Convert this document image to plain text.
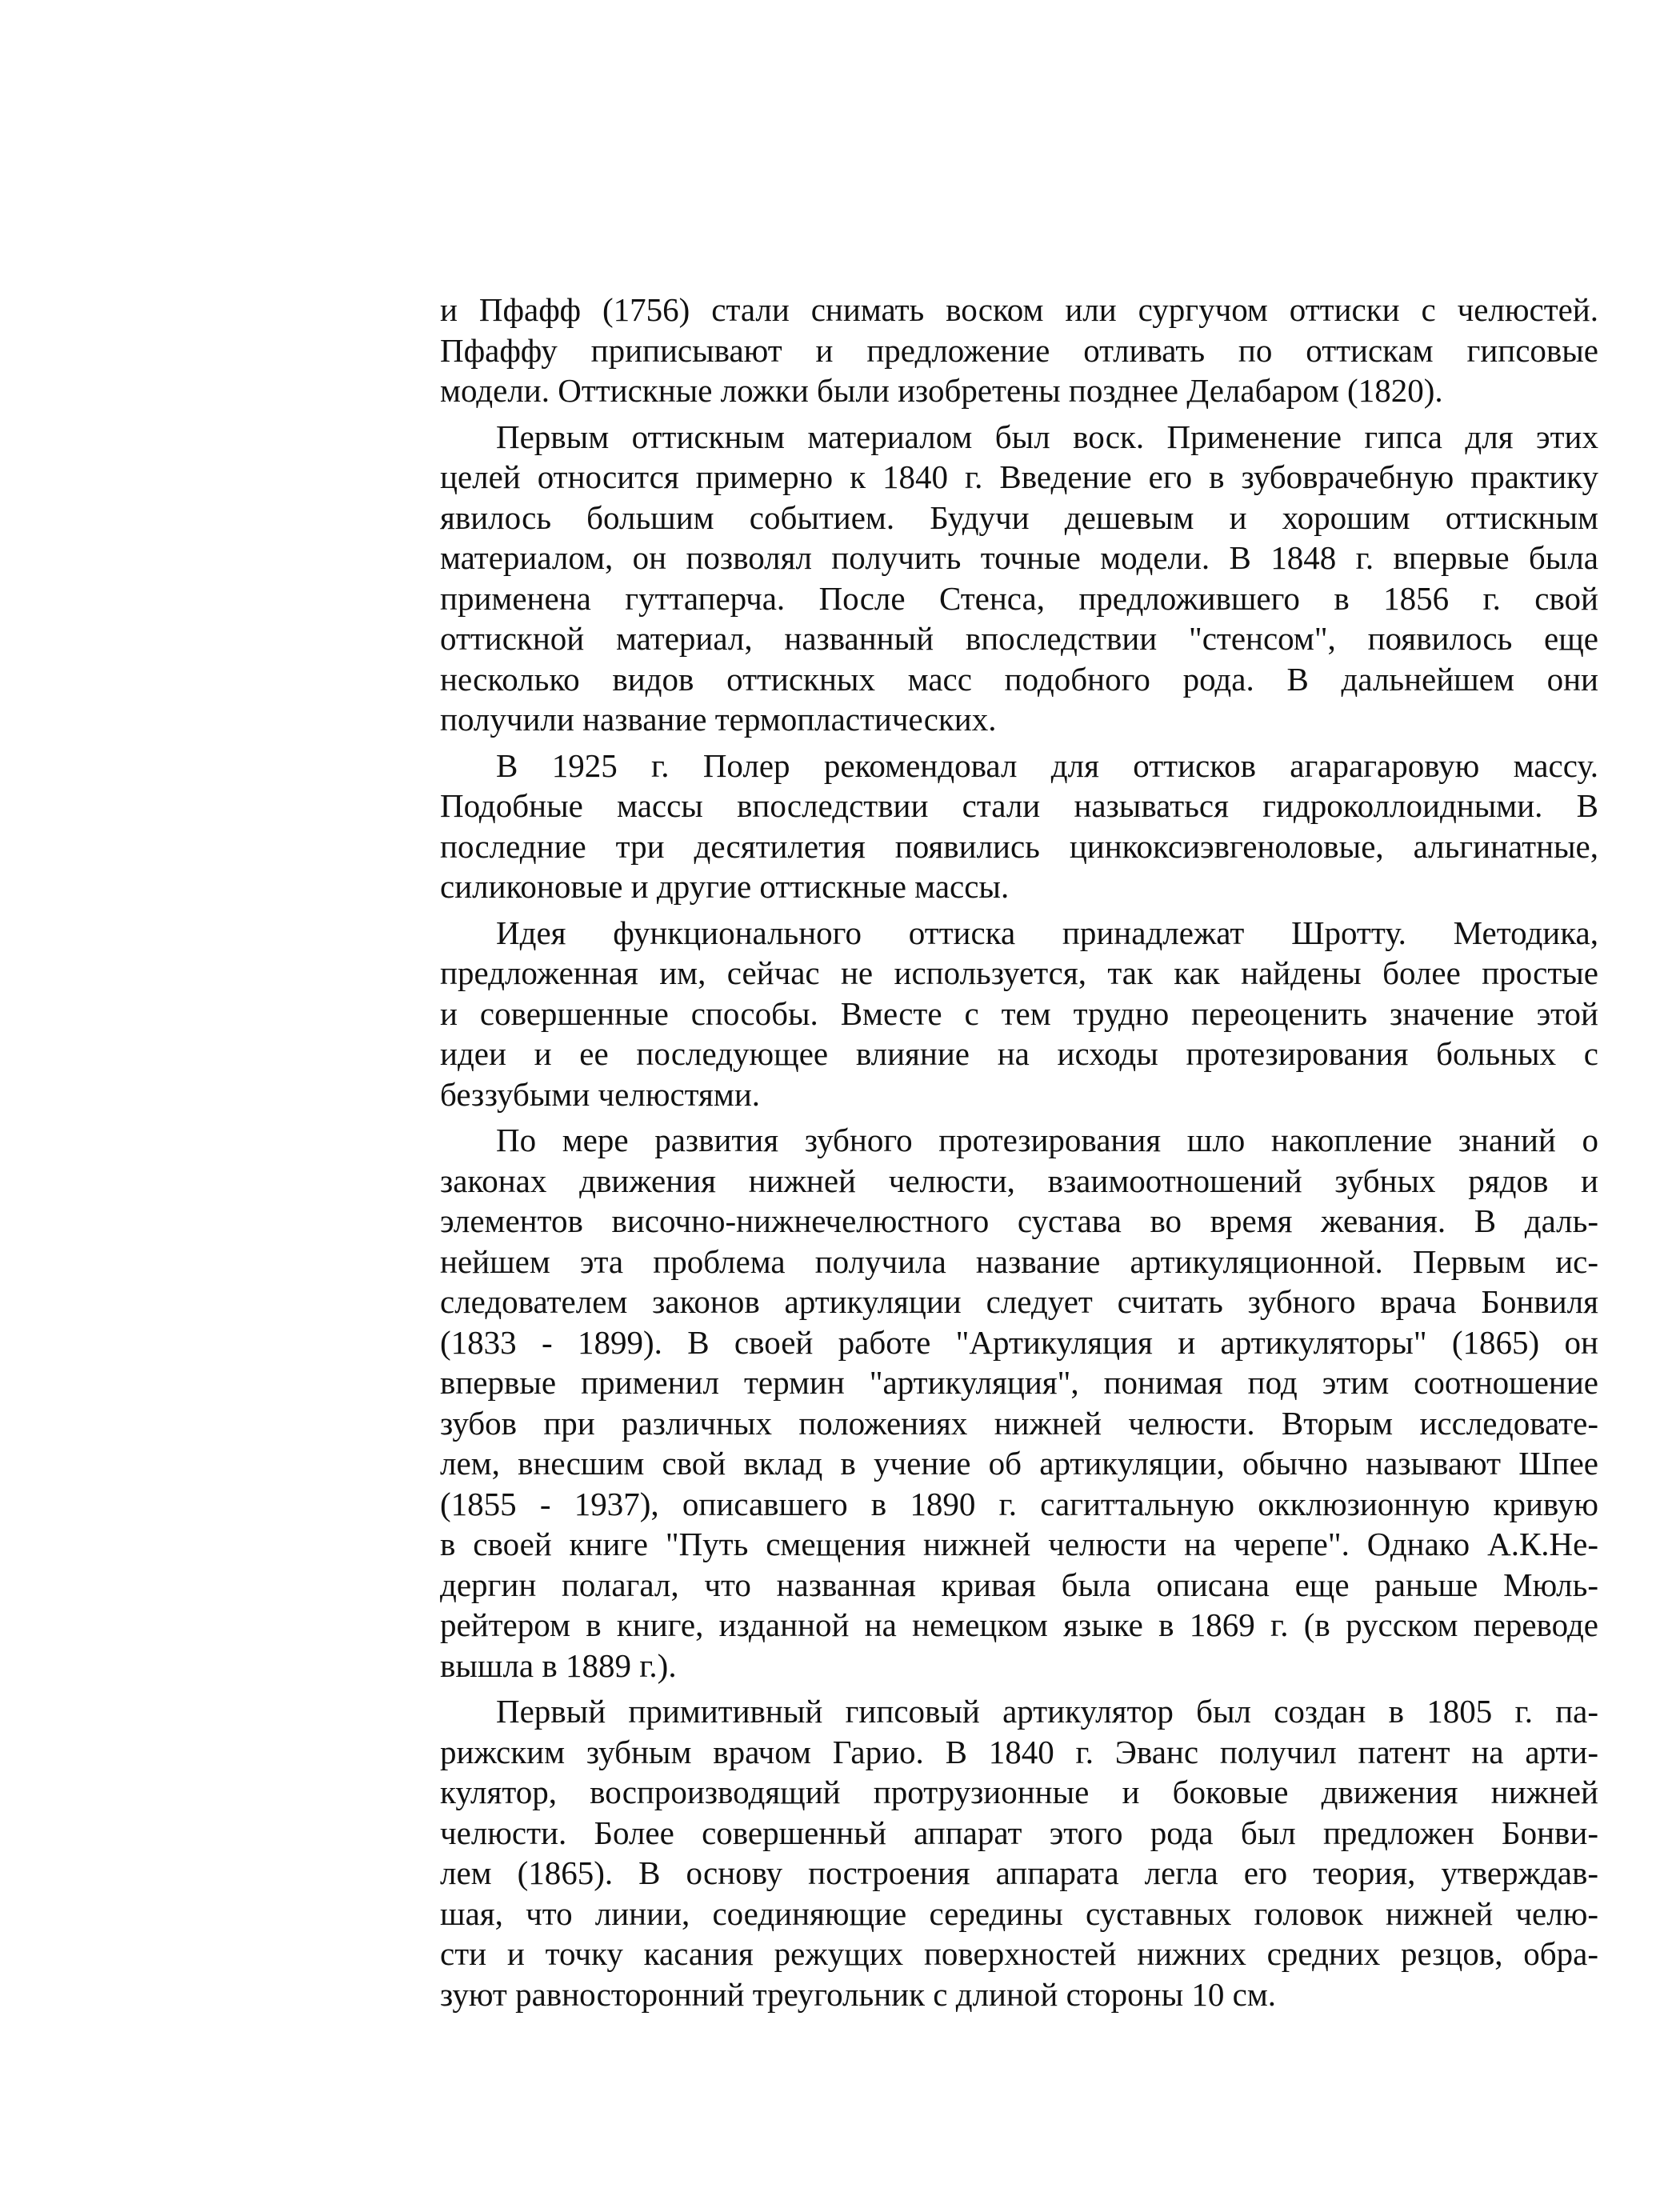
и Пфафф (1756) стали снимать воском или сургучом оттиски с челюстей.
Пфаффу приписывают и предложение отливать по оттискам гипсовые
модели. Оттискные ложки были изобретены позднее Делабаром (1820).
Первым оттискным материалом был воск. Применение гипса для этих
целей относится примерно к 1840 г. Введение его в зубоврачебную практику
явилось большим событием. Будучи дешевым и хорошим оттискным
материалом, он позволял получить точные модели. В 1848 г. впервые была
применена гуттаперча. После Стенса, предложившего в 1856 г. свой
оттискной материал, названный впоследствии "стенсом", появилось еще
несколько видов оттискных масс подобного рода. В дальнейшем они
получили название термопластических.
В 1925 г. Полер рекомендовал для оттисков агарагаровую массу.
Подобные массы впоследствии стали называться гидроколлоидными. В
последние три десятилетия появились цинкоксиэвгеноловые, альгинатные,
силиконовые и другие оттискные массы.
Идея функционального оттиска принадлежат Шротту. Методика,
предложенная им, сейчас не используется, так как найдены более простые
и совершенные способы. Вместе с тем трудно переоценить значение этой
идеи и ее последующее влияние на исходы протезирования больных с
беззубыми челюстями.
По мере развития зубного протезирования шло накопление знаний о
законах движения нижней челюсти, взаимоотношений зубных рядов и
элементов височно-нижнечелюстного сустава во время жевания. В даль-
нейшем эта проблема получила название артикуляционной. Первым ис-
следователем законов артикуляции следует считать зубного врача Бонвиля
(1833 - 1899). В своей работе "Артикуляция и артикуляторы" (1865) он
впервые применил термин "артикуляция", понимая под этим соотношение
зубов при различных положениях нижней челюсти. Вторым исследовате-
лем, внесшим свой вклад в учение об артикуляции, обычно называют Шпее
(1855 - 1937), описавшего в 1890 г. сагиттальную окклюзионную кривую
в своей книге "Путь смещения нижней челюсти на черепе". Однако А.К.Не-
дергин полагал, что названная кривая была описана еще раньше Мюль-
рейтером в книге, изданной на немецком языке в 1869 г. (в русском переводе
вышла в 1889 г.).
Первый примитивный гипсовый артикулятор был создан в 1805 г. па-
рижским зубным врачом Гарио. В 1840 г. Эванс получил патент на арти-
кулятор, воспроизводящий протрузионные и боковые движения нижней
челюсти. Более совершенньй аппарат этого рода был предложен Бонви-
лем (1865). В основу построения аппарата легла его теория, утверждав-
шая, что линии, соединяющие середины суставных головок нижней челю-
сти и точку касания режущих поверхностей нижних средних резцов, обра-
зуют равносторонний треугольник с длиной стороны 10 см.
